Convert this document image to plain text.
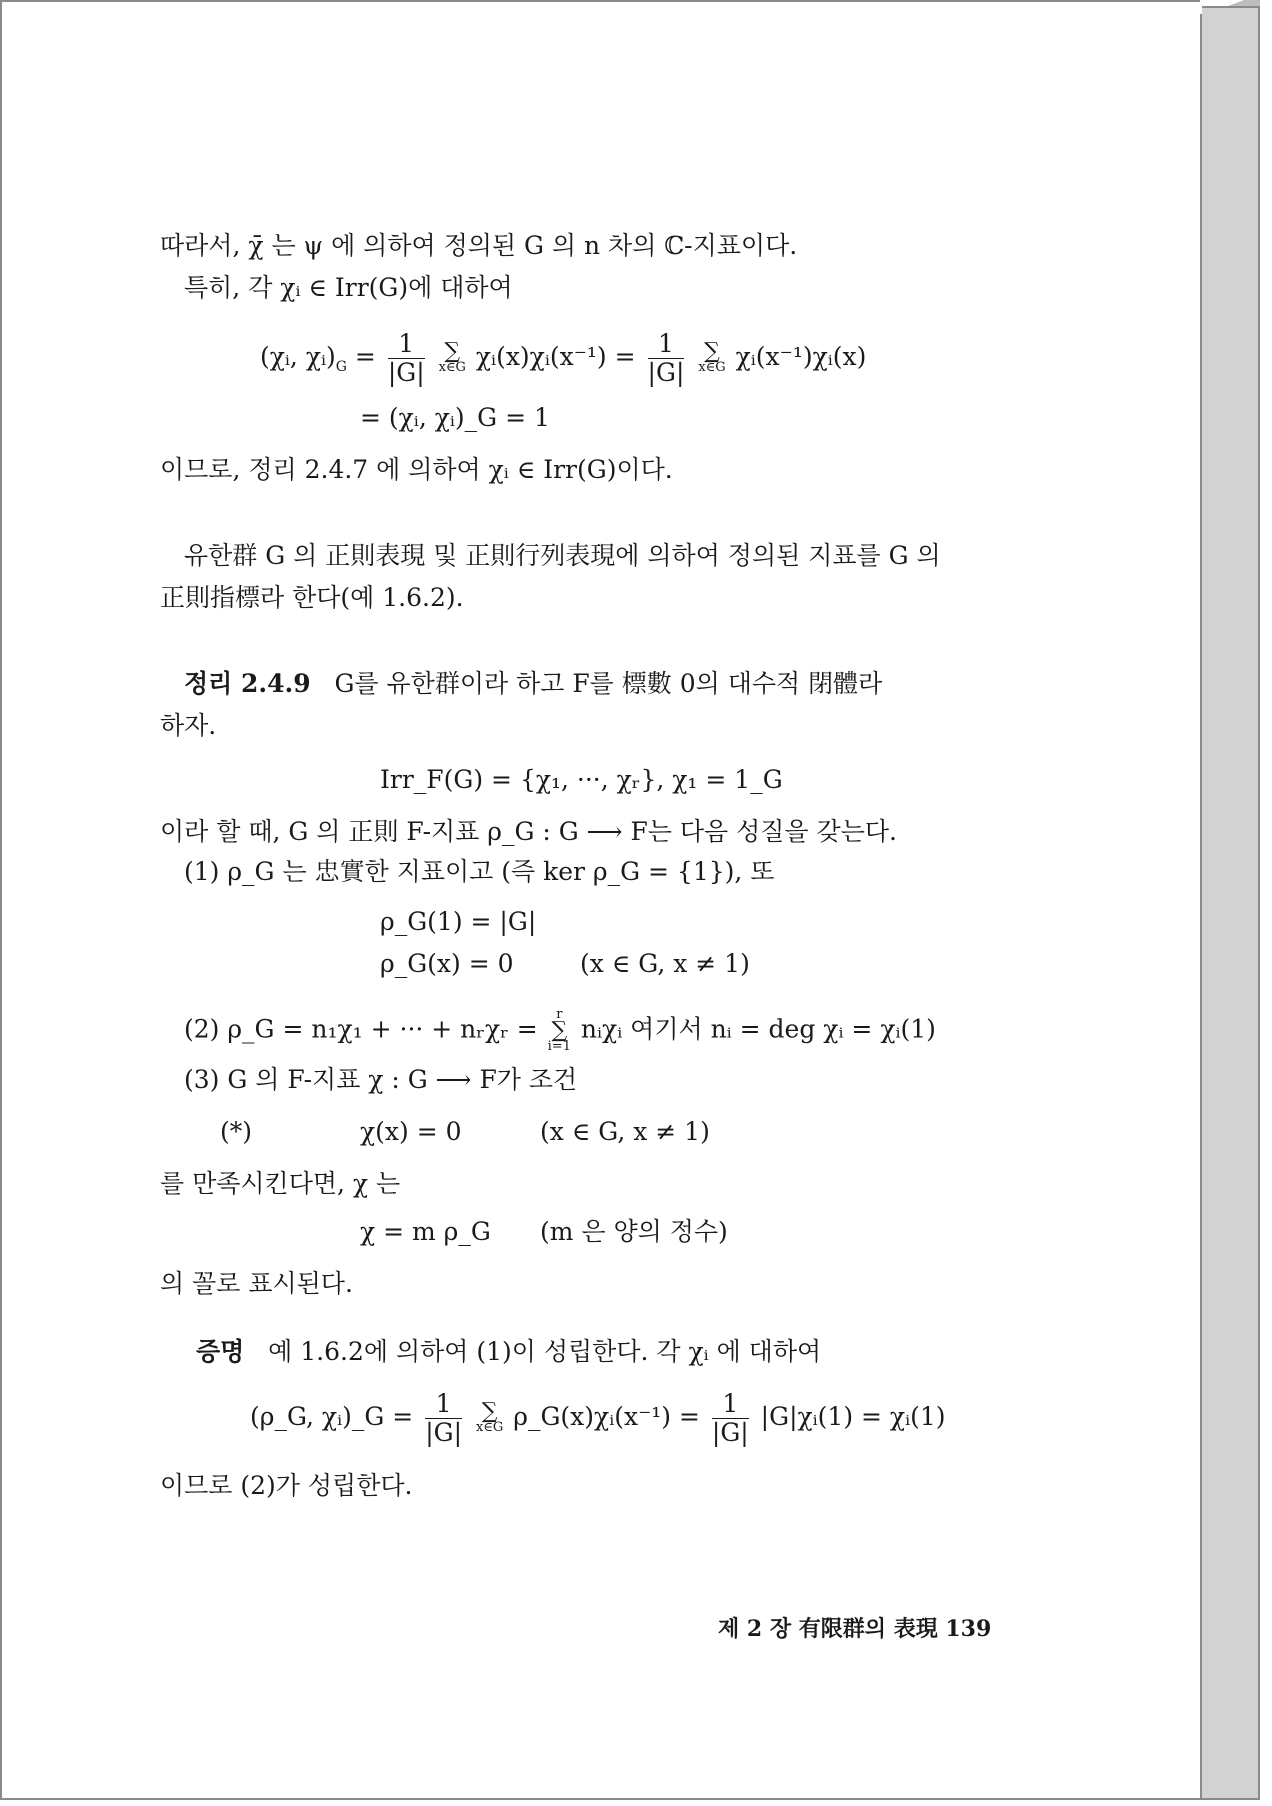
따라서, χ̄ 는 ψ 에 의하여 정의된 G 의 n 차의 ℂ-지표이다.
특히, 각 χᵢ ∈ Irr(G)에 대하여
(χᵢ, $\chi ᵢ)_G = \frac{1}{|G|}$ ∑
x∈G χᵢ(x)χᵢ(x⁻¹) = $\frac{1}{|G|}$ ∑
x∈G χᵢ(x⁻¹)χᵢ(x)
= (χᵢ, χᵢ)_G = 1
이므로, 정리 2.4.7 에 의하여 χᵢ ∈ Irr(G)이다.
유한群 G 의 正則表現 및 正則行列表現에 의하여 정의된 지표를 G 의
正則指標라 한다(예 1.6.2).
정리 2.4.9 G를 유한群이라 하고 F를 標數 0의 대수적 閉體라
하자.
Irr_F(G) = {χ₁, ···, χᵣ}, χ₁ = 1_G
이라 할 때, G 의 正則 F-지표 ρ_G : G ⟶ F는 다음 성질을 갖는다.
(1) ρ_G 는 忠實한 지표이고 (즉 ker ρ_G = {1}), 또
ρ_G(1) = |G|
ρ_G(x) = 0	(x ∈ G, x ≠ 1)
(2) ρ_G = n₁χ₁ + ··· + nᵣχᵣ =	r
∑
i=1
nᵢχᵢ 여기서 nᵢ = deg χᵢ = χᵢ(1)
(3) G 의 F-지표 χ : G ⟶ F가 조건
(*)	χ(x) = 0	(x ∈ G, x ≠ 1)
를 만족시킨다면, χ 는
χ = m ρ_G (m 은 양의 정수)
의 꼴로 표시된다.
증명 예 1.6.2에 의하여 (1)이 성립한다. 각 χᵢ 에 대하여
(ρ_G, χᵢ)_G = $\frac{1}{|G|}$ ∑
x∈G ρ_G(x)χᵢ(x⁻¹) = $\frac{1}{|G|}$ |G|χᵢ(1) = χᵢ(1)
이므로 (2)가 성립한다.
제 2 장 有限群의 表現 139
